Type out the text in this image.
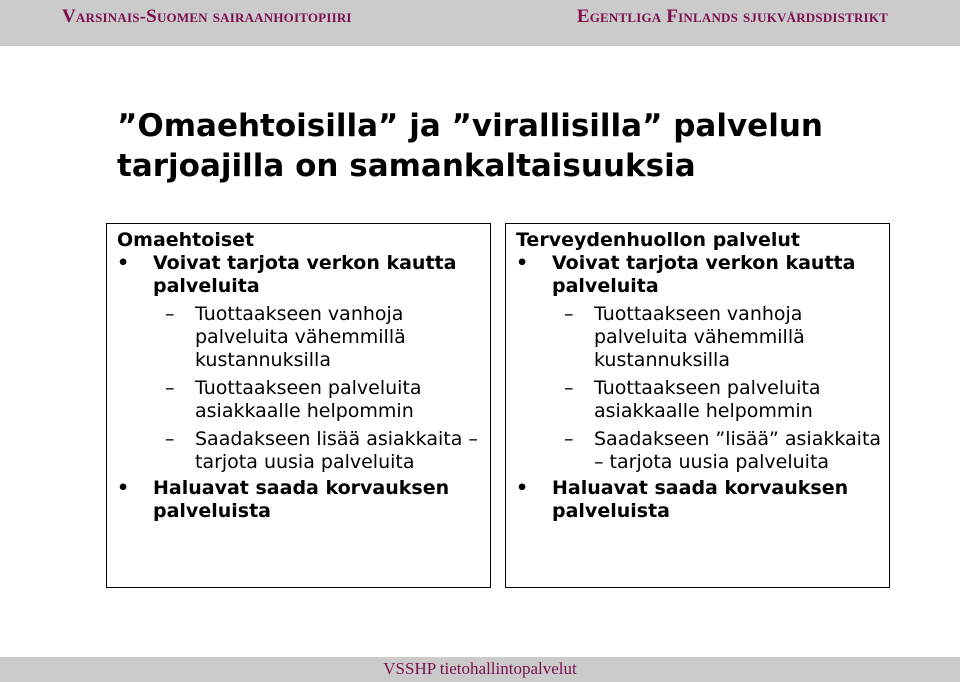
Varsinais-Suomen sairaanhoitopiiri	Egentliga Finlands sjukvårdsdistrikt
”Omaehtoisilla” ja ”virallisilla” palvelun
tarjoajilla on samankaltaisuuksia
Omaehtoiset
• Voivat tarjota verkon kautta palveluita
– Tuottaakseen vanhoja palveluita vähemmillä kustannuksilla
– Tuottaakseen palveluita asiakkaalle helpommin
– Saadakseen lisää asiakkaita – tarjota uusia palveluita
• Haluavat saada korvauksen palveluista
Terveydenhuollon palvelut
• Voivat tarjota verkon kautta palveluita
– Tuottaakseen vanhoja palveluita vähemmillä kustannuksilla
– Tuottaakseen palveluita asiakkaalle helpommin
– Saadakseen ”lisää” asiakkaita – tarjota uusia palveluita
• Haluavat saada korvauksen palveluista
VSSHP tietohallintopalvelut
